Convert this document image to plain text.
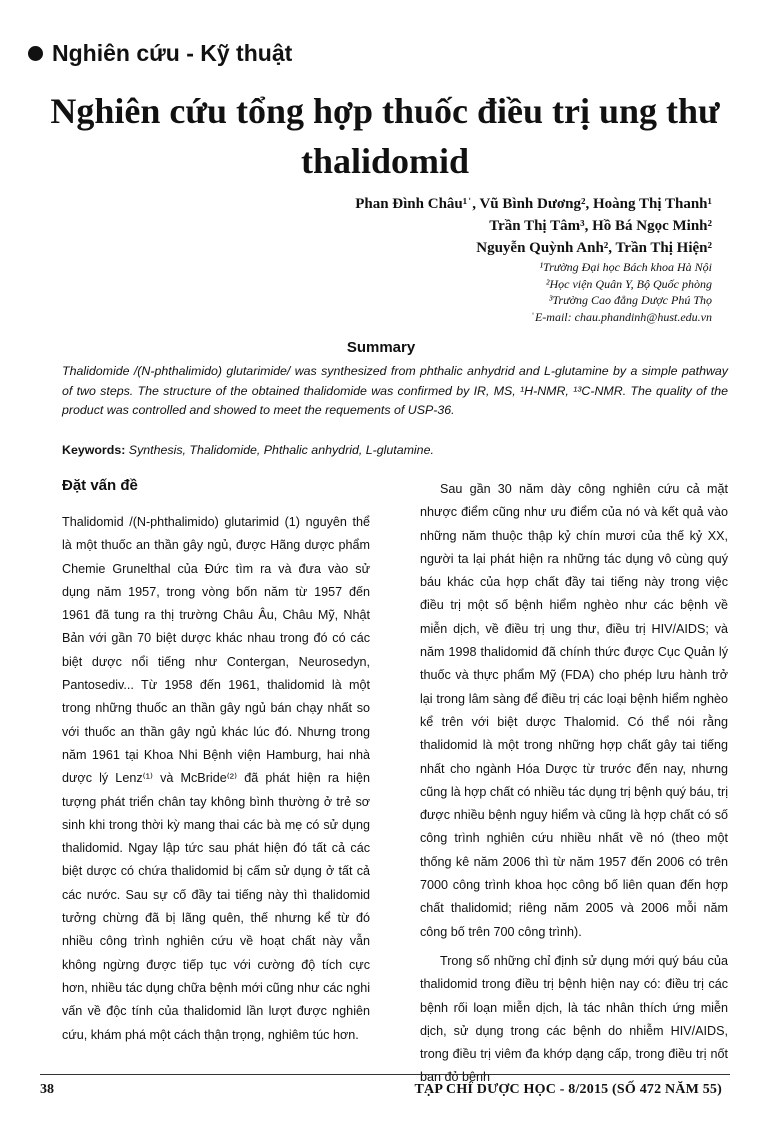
Nghiên cứu - Kỹ thuật
Nghiên cứu tổng hợp thuốc điều trị ung thư thalidomid
Phan Đình Châu¹ˈ, Vũ Bình Dương², Hoàng Thị Thanh¹
Trần Thị Tâm³, Hồ Bá Ngọc Minh²
Nguyễn Quỳnh Anh², Trần Thị Hiện²
¹Trường Đại học Bách khoa Hà Nội
²Học viện Quân Y, Bộ Quốc phòng
³Trường Cao đẳng Dược Phú Thọ
ˈE-mail: chau.phandinh@hust.edu.vn
Summary
Thalidomide /(N-phthalimido) glutarimide/ was synthesized from phthalic anhydrid and L-glutamine by a simple pathway of two steps. The structure of the obtained thalidomide was confirmed by IR, MS, ¹H-NMR, ¹³C-NMR. The quality of the product was controlled and showed to meet the requements of USP-36.
Keywords: Synthesis, Thalidomide, Phthalic anhydrid, L-glutamine.
Đặt vấn đề

Thalidomid /(N-phthalimido) glutarimid (1) nguyên thể là một thuốc an thần gây ngủ, được Hãng dược phẩm Chemie Grunelthal của Đức tìm ra và đưa vào sử dụng năm 1957, trong vòng bốn năm từ 1957 đến 1961 đã tung ra thị trường Châu Âu, Châu Mỹ, Nhật Bản với gần 70 biệt dược khác nhau trong đó có các biệt dược nổi tiếng như Contergan, Neurosedyn, Pantosediv... Từ 1958 đến 1961, thalidomid là một trong những thuốc an thần gây ngủ bán chạy nhất so với thuốc an thần gây ngủ khác lúc đó. Nhưng trong năm 1961 tại Khoa Nhi Bệnh viện Hamburg, hai nhà dược lý Lenz⁽¹⁾ và McBride⁽²⁾ đã phát hiện ra hiện tượng phát triển chân tay không bình thường ở trẻ sơ sinh khi trong thời kỳ mang thai các bà mẹ có sử dụng thalidomid. Ngay lập tức sau phát hiện đó tất cả các biệt dược có chứa thalidomid bị cấm sử dụng ở tất cả các nước. Sau sự cố đầy tai tiếng này thì thalidomid tưởng chừng đã bị lãng quên, thế nhưng kể từ đó nhiều công trình nghiên cứu về hoạt chất này vẫn không ngừng được tiếp tục với cường độ tích cực hơn, nhiều tác dụng chữa bệnh mới cũng như các nghi vấn về độc tính của thalidomid lần lượt được nghiên cứu, khám phá một cách thận trọng, nghiêm túc hơn.

Sau gần 30 năm dày công nghiên cứu cả mặt nhược điểm cũng như ưu điểm của nó và kết quả vào những năm thuộc thập kỷ chín mươi của thế kỷ XX, người ta lại phát hiện ra những tác dụng vô cùng quý báu khác của hợp chất đầy tai tiếng này trong việc điều trị một số bệnh hiểm nghèo như các bệnh về miễn dịch, về điều trị ung thư, điều trị HIV/AIDS; và năm 1998 thalidomid đã chính thức được Cục Quản lý thuốc và thực phẩm Mỹ (FDA) cho phép lưu hành trở lại trong lâm sàng để điều trị các loại bệnh hiểm nghèo kể trên với biệt dược Thalomid. Có thể nói rằng thalidomid là một trong những hợp chất gây tai tiếng nhất cho ngành Hóa Dược từ trước đến nay, nhưng cũng là hợp chất có nhiều tác dụng trị bệnh quý báu, trị được nhiều bệnh nguy hiểm và cũng là hợp chất có số công trình nghiên cứu nhiều nhất về nó (theo một thống kê năm 2006 thì từ năm 1957 đến 2006 có trên 7000 công trình khoa học công bố liên quan đến hợp chất thalidomid; riêng năm 2005 và 2006 mỗi năm công bố trên 700 công trình).

Trong số những chỉ định sử dụng mới quý báu của thalidomid trong điều trị bệnh hiện nay có: điều trị các bệnh rối loạn miễn dịch, là tác nhân thích ứng miễn dịch, sử dụng trong các bệnh do nhiễm HIV/AIDS, trong điều trị viêm đa khớp dạng cấp, trong điều trị nốt ban đỏ bệnh

38	TẠP CHÍ DƯỢC HỌC - 8/2015 (SỐ 472 NĂM 55)
